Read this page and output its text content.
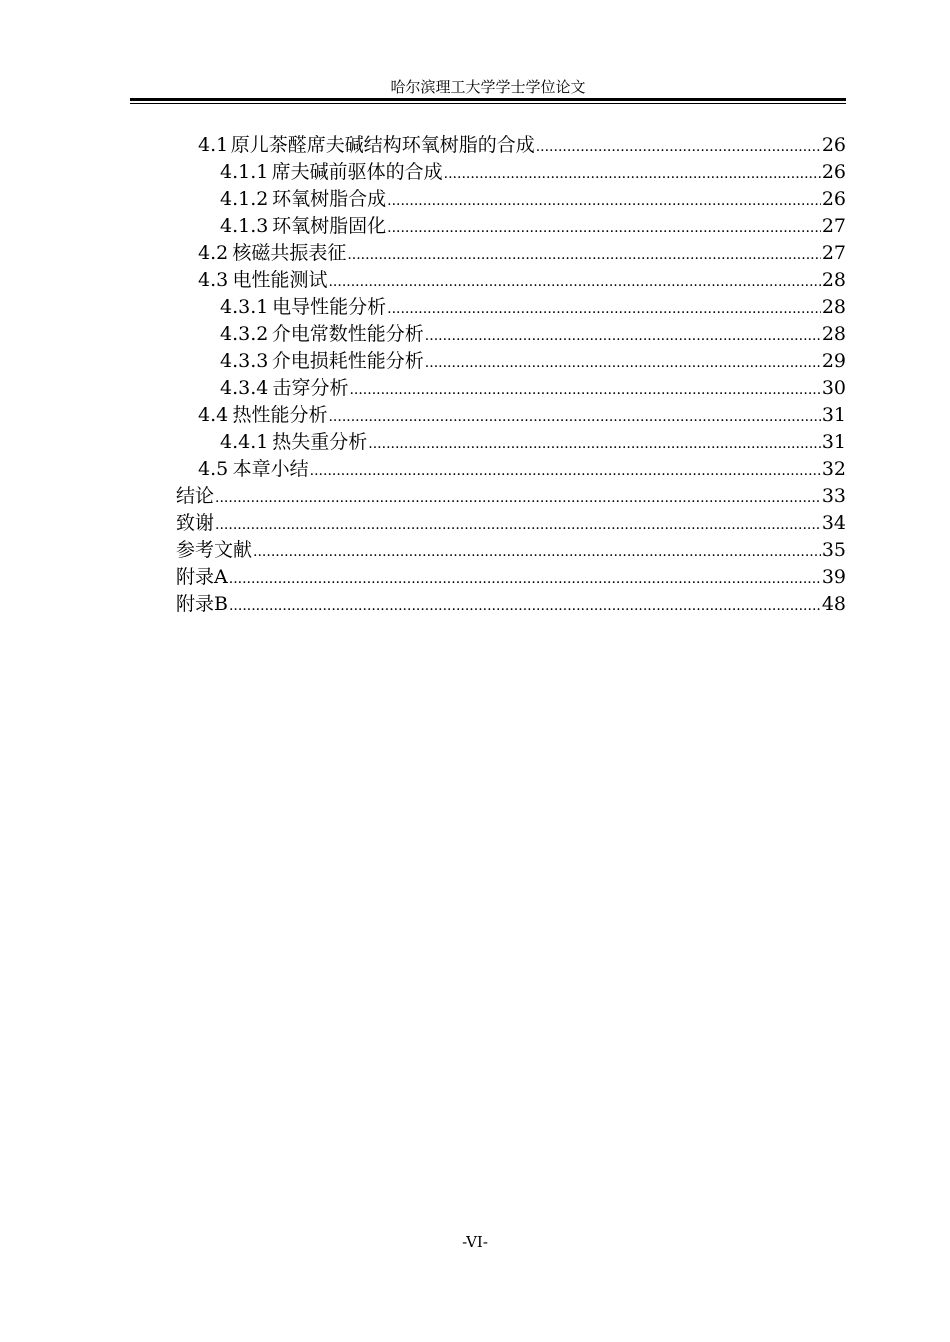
哈尔滨理工大学学士学位论文
4.1 原儿茶醛席夫碱结构环氧树脂的合成 .....	26
4.1.1 席夫碱前驱体的合成 .....	26
4.1.2 环氧树脂合成 .....	26
4.1.3 环氧树脂固化 .....	27
4.2 核磁共振表征 .....	27
4.3 电性能测试 .....	28
4.3.1 电导性能分析 .....	28
4.3.2 介电常数性能分析 .....	28
4.3.3 介电损耗性能分析 .....	29
4.3.4 击穿分析 .....	30
4.4 热性能分析 .....	31
4.4.1 热失重分析 .....	31
4.5 本章小结 .....	32
结论 .....	33
致谢 .....	34
参考文献 .....	35
附录 A .....	39
附录 B .....	48
-VI-
